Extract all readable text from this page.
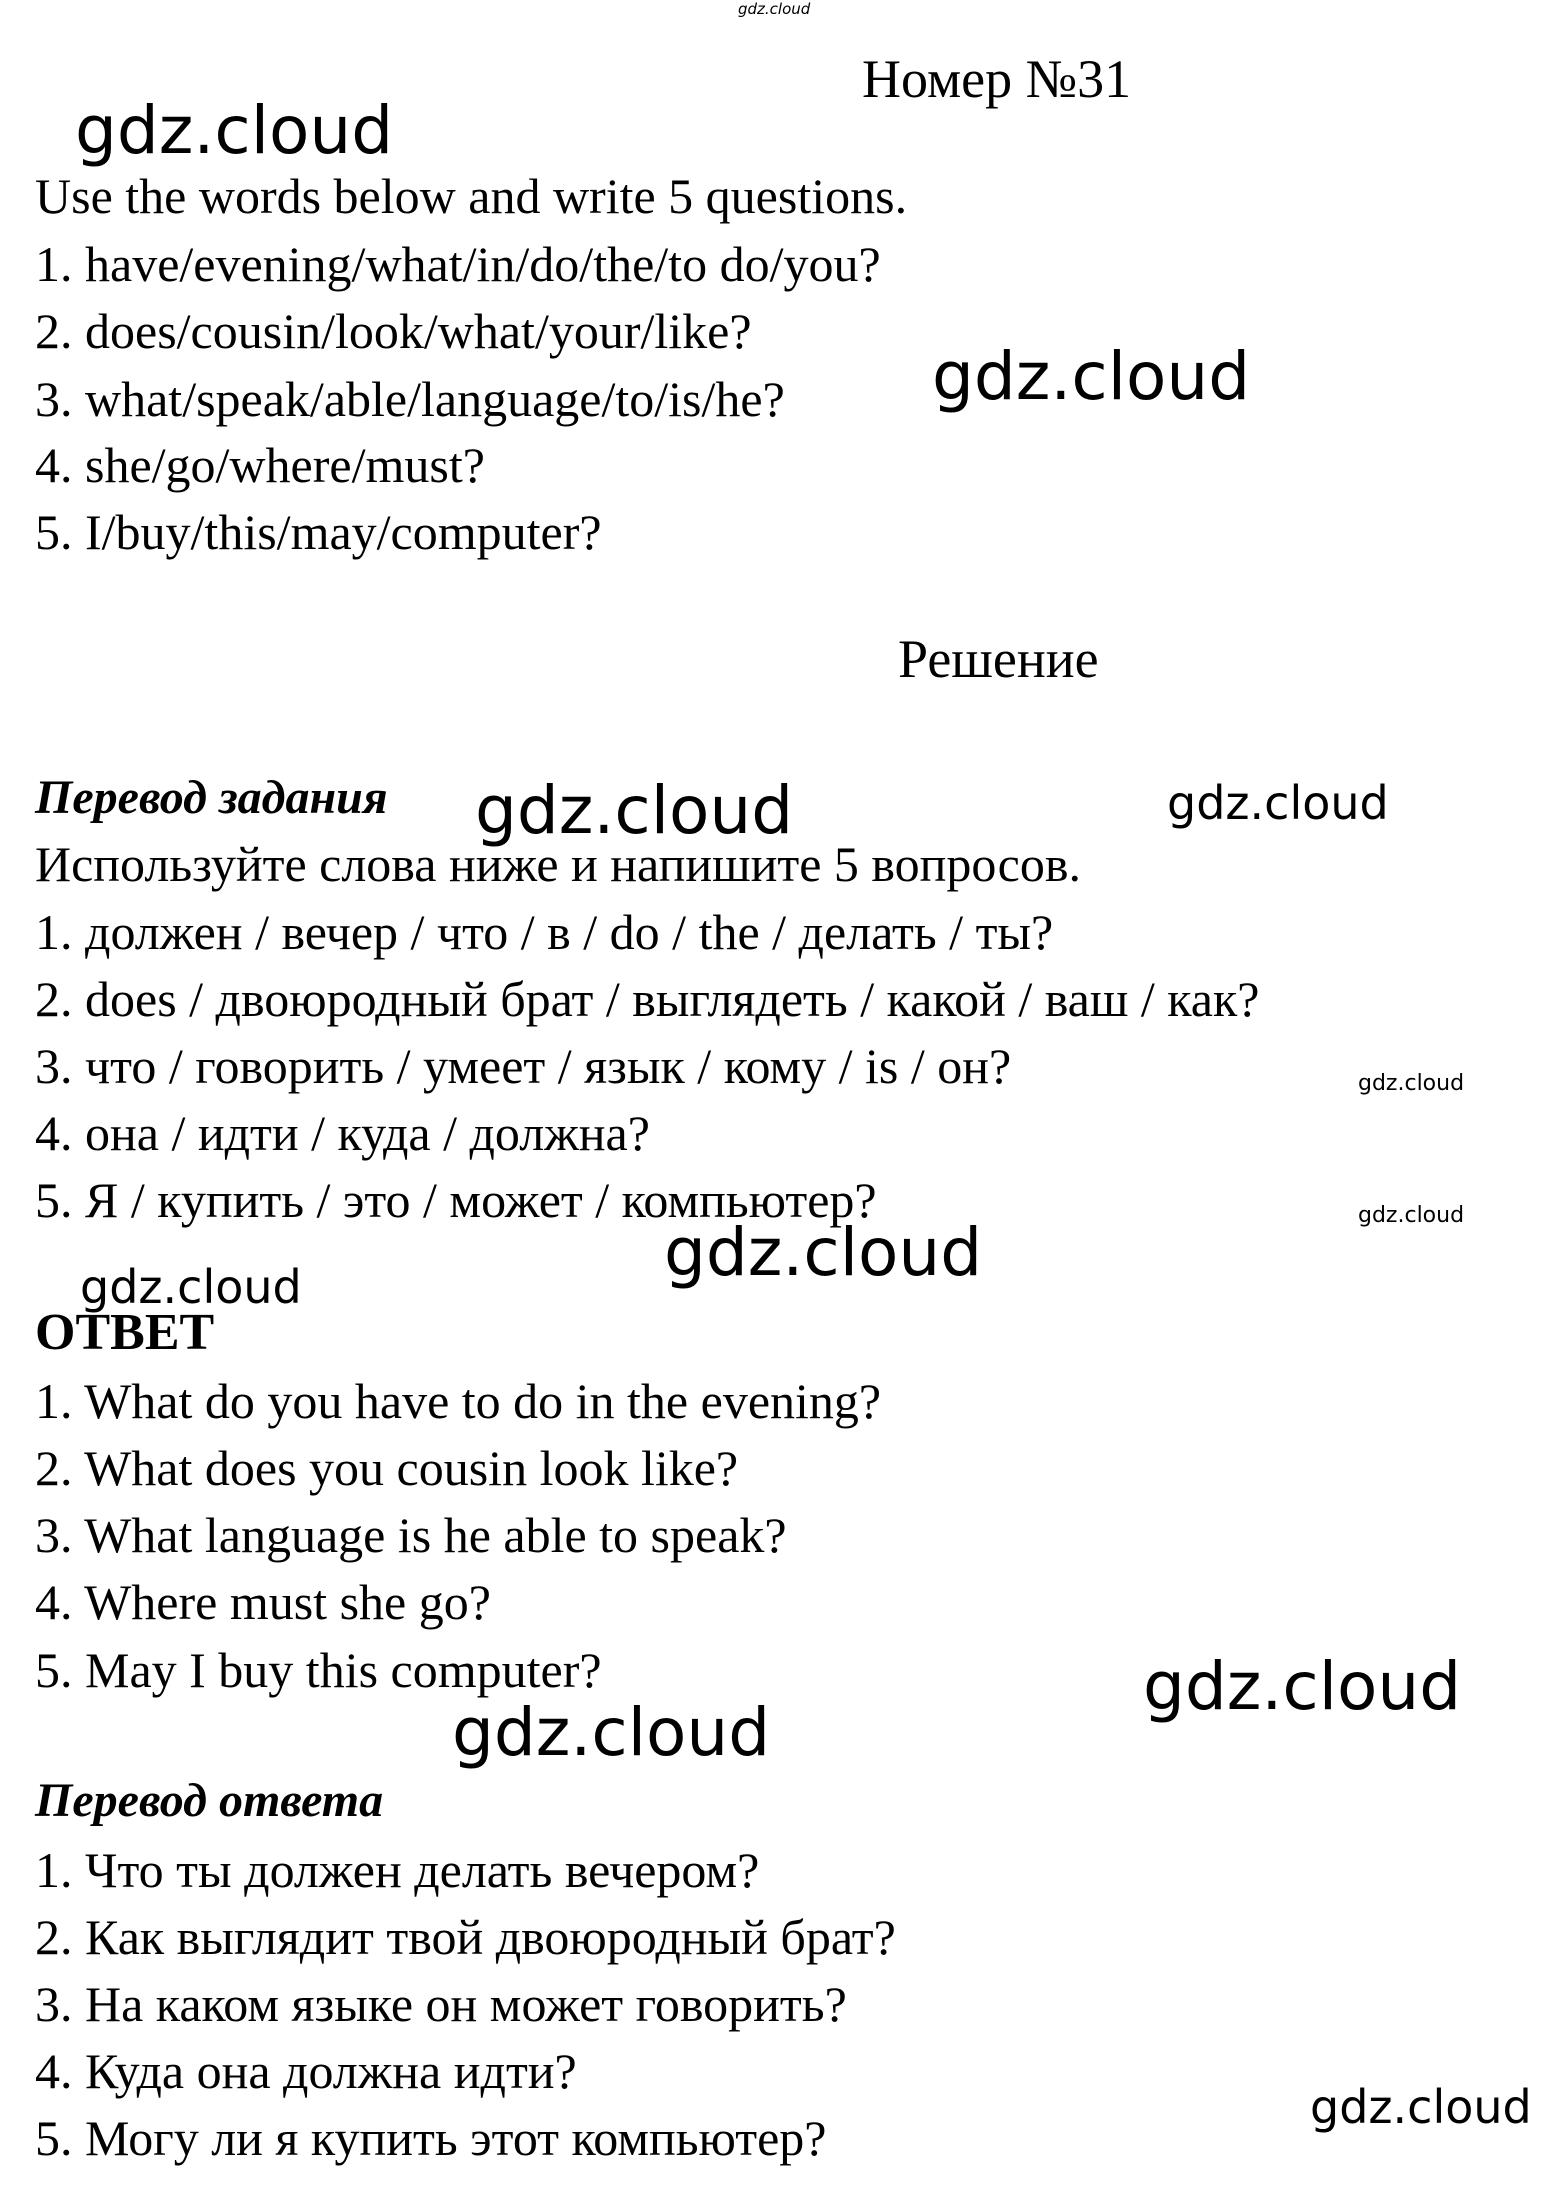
gdz.cloud
Номер №31
gdz.cloud
Use the words below and write 5 questions.
1. have/evening/what/in/do/the/to do/you?
2. does/cousin/look/what/your/like?
3. what/speak/able/language/to/is/he? gdz.cloud
4. she/go/where/must?
5. I/buy/this/may/computer?
Решение
Перевод задания gdz.cloud	gdz.cloud
Используйте слова ниже и напишите 5 вопросов.
1. должен / вечер / что / в / do / the / делать / ты?
2. does / двоюродный брат / выглядеть / какой / ваш / как?
3. что / говорить / умеет / язык / кому / is / он?	gdz.cloud
4. она / идти / куда / должна?
5. Я / купить / это / может / компьютер?	gdz.cloud
gdz.cloud
gdz.cloud
ОТВЕТ
1. What do you have to do in the evening?
2. What does you cousin look like?
3. What language is he able to speak?
4. Where must she go?
5. May I buy this computer?	gdz.cloud
gdz.cloud
Перевод ответа
1. Что ты должен делать вечером?
2. Как выглядит твой двоюродный брат?
3. На каком языке он может говорить?
4. Куда она должна идти?
gdz.cloud
5. Могу ли я купить этот компьютер?
